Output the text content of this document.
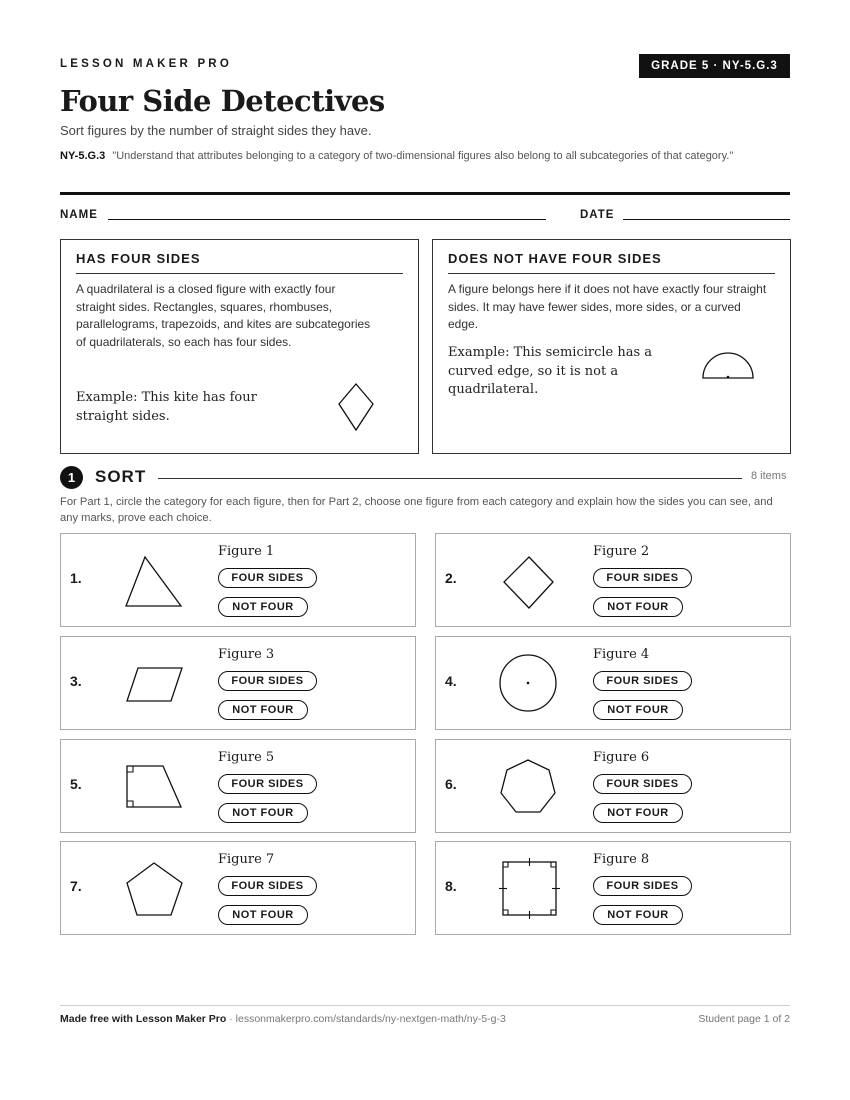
LESSON MAKER PRO	GRADE 5 · NY-5.G.3
Four Side Detectives
Sort figures by the number of straight sides they have.
NY-5.G.3 "Understand that attributes belonging to a category of two-dimensional figures also belong to all subcategories of that category."
NAME	DATE
HAS FOUR SIDES
A quadrilateral is a closed figure with exactly four straight sides. Rectangles, squares, rhombuses, parallelograms, trapezoids, and kites are subcategories of quadrilaterals, so each has four sides.
Example: This kite has four straight sides.
DOES NOT HAVE FOUR SIDES
A figure belongs here if it does not have exactly four straight sides. It may have fewer sides, more sides, or a curved edge.
Example: This semicircle has a curved edge, so it is not a quadrilateral.
1	SORT	8 items
For Part 1, circle the category for each figure, then for Part 2, choose one figure from each category and explain how the sides you can see, and any marks, prove each choice.
1.
Figure 1
FOUR SIDES
NOT FOUR
2.
Figure 2
FOUR SIDES
NOT FOUR
3.
Figure 3
FOUR SIDES
NOT FOUR
4.
Figure 4
FOUR SIDES
NOT FOUR
5.
Figure 5
FOUR SIDES
NOT FOUR
6.
Figure 6
FOUR SIDES
NOT FOUR
7.
Figure 7
FOUR SIDES
NOT FOUR
8.
Figure 8
FOUR SIDES
NOT FOUR
Made free with Lesson Maker Pro · lessonmakerpro.com/standards/ny-nextgen-math/ny-5-g-3	Student page 1 of 2
